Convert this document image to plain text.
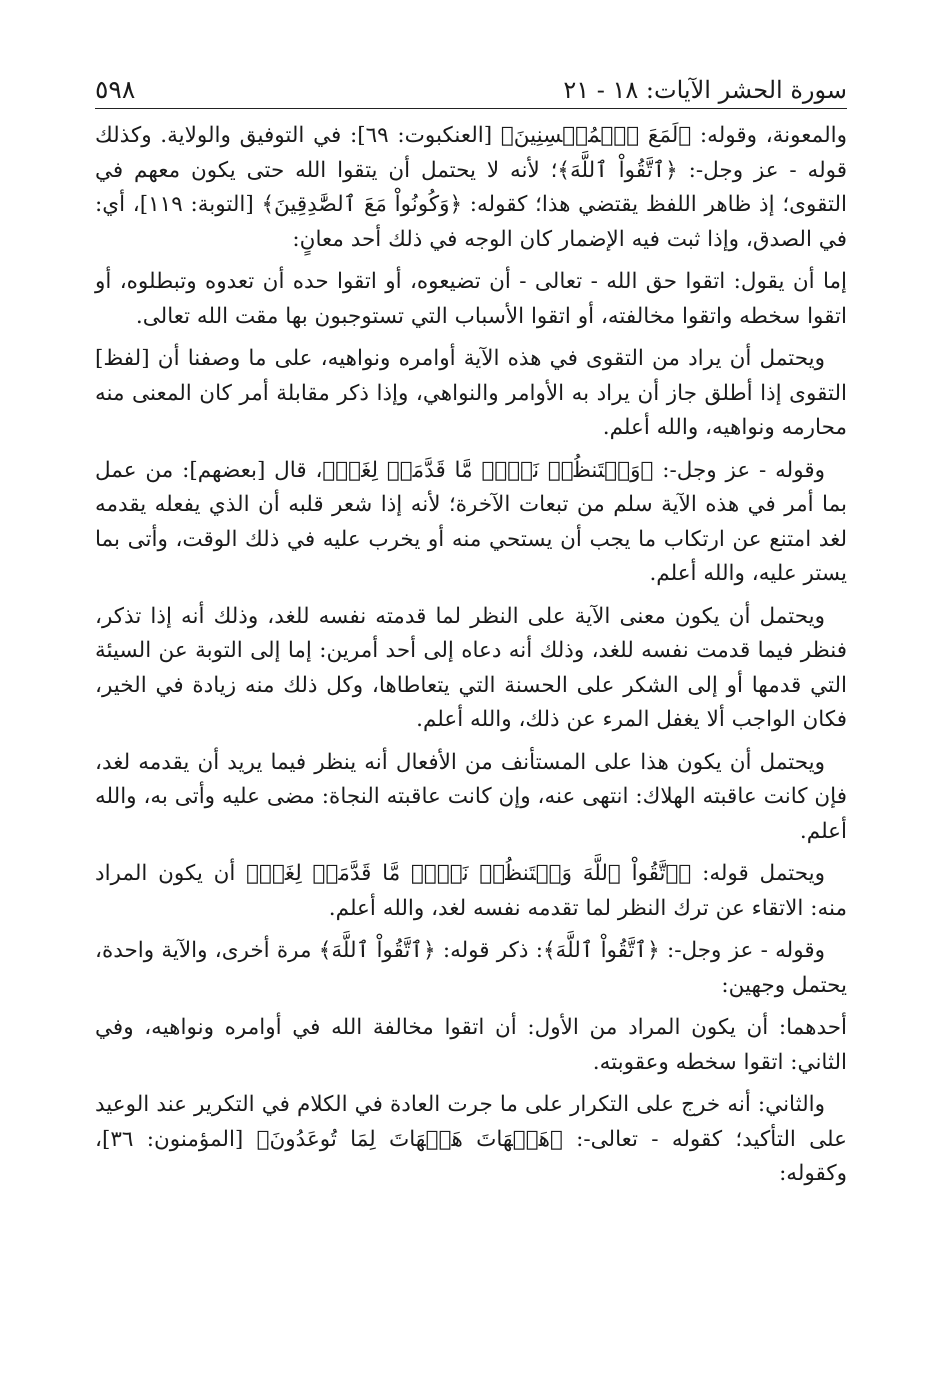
سورة الحشر الآيات: ١٨ - ٢١
٥٩٨

والمعونة، وقوله: ﴿لَمَعَ ٱلۡمُحۡسِنِينَ﴾ [العنكبوت: ٦٩]: في التوفيق والولاية. وكذلك قوله - عز وجل-: ﴿ٱتَّقُواْ ٱللَّهَ﴾؛ لأنه لا يحتمل أن يتقوا الله حتى يكون معهم في التقوى؛ إذ ظاهر اللفظ يقتضي هذا؛ كقوله: ﴿وَكُونُواْ مَعَ ٱلصَّٰدِقِينَ﴾ [التوبة: ١١٩]، أي: في الصدق، وإذا ثبت فيه الإضمار كان الوجه في ذلك أحد معانٍ:

إما أن يقول: اتقوا حق الله - تعالى - أن تضيعوه، أو اتقوا حده أن تعدوه وتبطلوه، أو اتقوا سخطه واتقوا مخالفته، أو اتقوا الأسباب التي تستوجبون بها مقت الله تعالى.

ويحتمل أن يراد من التقوى في هذه الآية أوامره ونواهيه، على ما وصفنا أن [لفظ] التقوى إذا أطلق جاز أن يراد به الأوامر والنواهي، وإذا ذكر مقابلة أمر كان المعنى منه محارمه ونواهيه، والله أعلم.

وقوله - عز وجل-: ﴿وَلۡتَنظُرۡ نَفۡسٞ مَّا قَدَّمَتۡ لِغَدٖ﴾، قال [بعضهم]: من عمل بما أمر في هذه الآية سلم من تبعات الآخرة؛ لأنه إذا شعر قلبه أن الذي يفعله يقدمه لغد امتنع عن ارتكاب ما يجب أن يستحي منه أو يخرب عليه في ذلك الوقت، وأتى بما يستر عليه، والله أعلم.

ويحتمل أن يكون معنى الآية على النظر لما قدمته نفسه للغد، وذلك أنه إذا تذكر، فنظر فيما قدمت نفسه للغد، وذلك أنه دعاه إلى أحد أمرين: إما إلى التوبة عن السيئة التي قدمها أو إلى الشكر على الحسنة التي يتعاطاها، وكل ذلك منه زيادة في الخير، فكان الواجب ألا يغفل المرء عن ذلك، والله أعلم.

ويحتمل أن يكون هذا على المستأنف من الأفعال أنه ينظر فيما يريد أن يقدمه لغد، فإن كانت عاقبته الهلاك: انتهى عنه، وإن كانت عاقبته النجاة: مضى عليه وأتى به، والله أعلم.

ويحتمل قوله: ﴿ٱتَّقُواْ ٱللَّهَ وَلۡتَنظُرۡ نَفۡسٞ مَّا قَدَّمَتۡ لِغَدٖ﴾ أن يكون المراد منه: الاتقاء عن ترك النظر لما تقدمه نفسه لغد، والله أعلم.

وقوله - عز وجل-: ﴿ٱتَّقُواْ ٱللَّهَ﴾: ذكر قوله: ﴿ٱتَّقُواْ ٱللَّهَ﴾ مرة أخرى، والآية واحدة، يحتمل وجهين:

أحدهما: أن يكون المراد من الأول: أن اتقوا مخالفة الله في أوامره ونواهيه، وفي الثاني: اتقوا سخطه وعقوبته.

والثاني: أنه خرج على التكرار على ما جرت العادة في الكلام في التكرير عند الوعيد على التأكيد؛ كقوله - تعالى-: ﴿هَيۡهَاتَ هَيۡهَاتَ لِمَا تُوعَدُونَ﴾ [المؤمنون: ٣٦]، وكقوله:
